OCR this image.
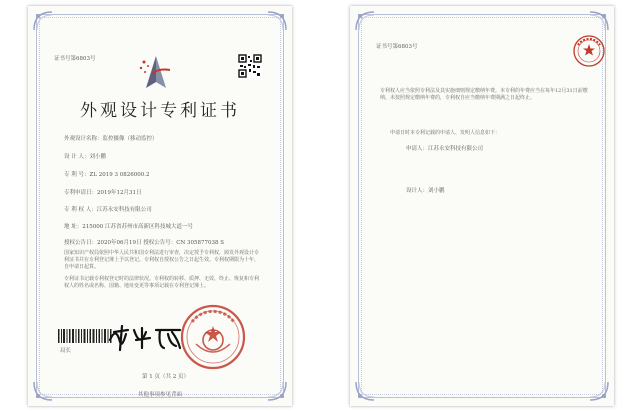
证书号第6803号
外观设计专利证书
外观设计名称：监控摄像（移动监控）
设 计 人：刘小鹏
专 利 号：ZL 2019 3 0826000.2
专利申请日：2019年12月31日
专 利 权 人：江苏永安科技有限公司
地 址：215000 江苏省苏州市高新区科技城大道一号
授权公告日：2020年06月19日 授权公告号：CN 305877038 S
国家知识产权局依照中华人民共和国专利法进行审查，决定授予专利权，颁发外观设计专利证书并在专利登记簿上予以登记。专利权自授权公告之日起生效。专利权期限为十年，自申请日起算。
专利证书记载专利权登记时的法律状况。专利权的转移、质押、无效、终止、恢复和专利权人的姓名或名称、国籍、地址变更等事项记载在专利登记簿上。
局长
第 1 页（共 2 页）
其他事项参见背面
证书号第6803号
专利权人应当依照专利法及其实施细则规定缴纳年费。本专利的年费应当在每年12月31日前缴纳。未按照规定缴纳年费的，专利权自应当缴纳年费期满之日起终止。
申请日时本专利记载的申请人、发明人信息如下：
申请人：江苏永安科技有限公司
设计人：刘小鹏
